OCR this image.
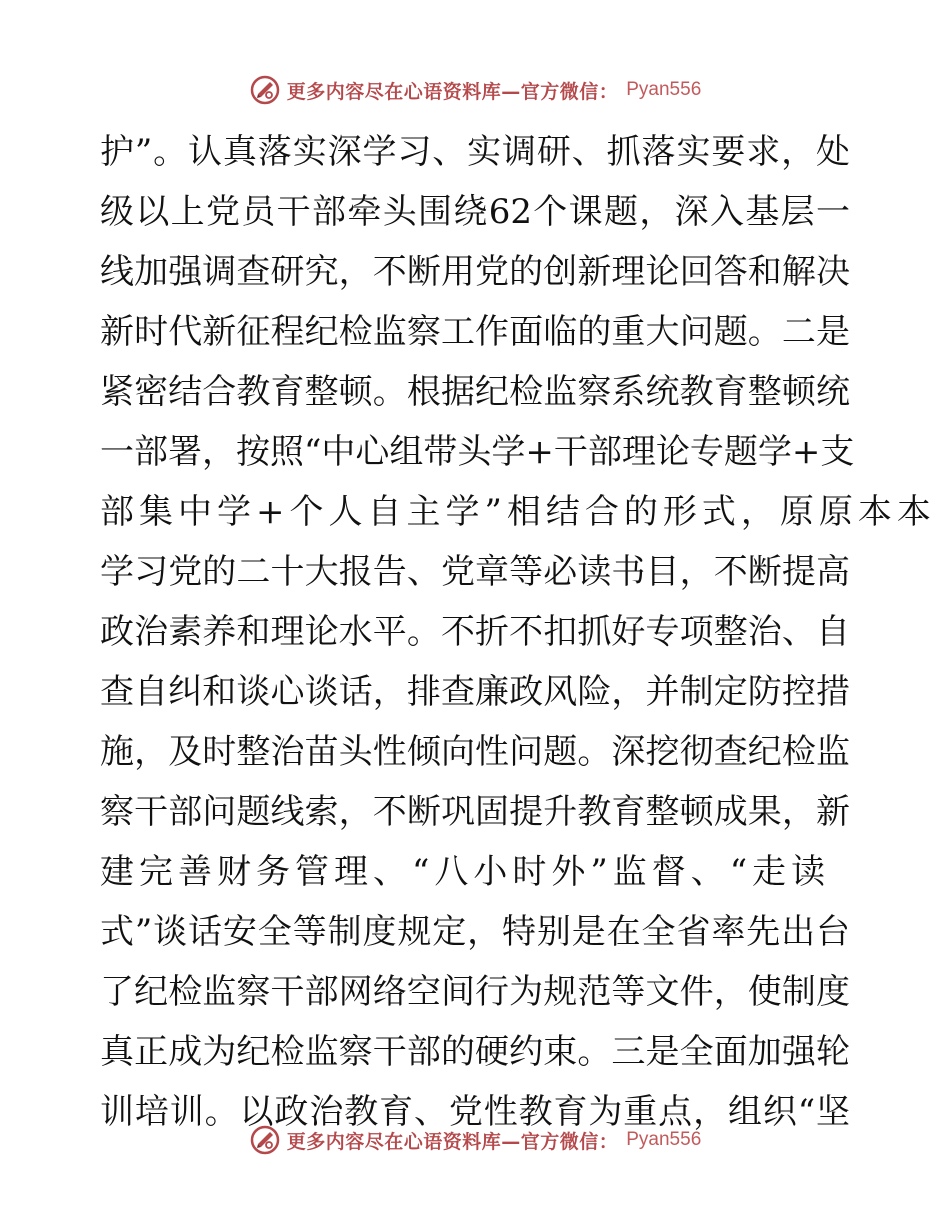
更多内容尽在心语资料库—官方微信： Pyan556
护”。认真落实深学习、实调研、抓落实要求，处
级以上党员干部牵头围绕62个课题，深入基层一
线加强调查研究，不断用党的创新理论回答和解决
新时代新征程纪检监察工作面临的重大问题。二是
紧密结合教育整顿。根据纪检监察系统教育整顿统
一部署，按照“中心组带头学+干部理论专题学+支
部集中学+个人自主学”相结合的形式，原原本本
学习党的二十大报告、党章等必读书目，不断提高
政治素养和理论水平。不折不扣抓好专项整治、自
查自纠和谈心谈话，排查廉政风险，并制定防控措
施，及时整治苗头性倾向性问题。深挖彻查纪检监
察干部问题线索，不断巩固提升教育整顿成果，新
建完善财务管理、“八小时外”监督、“走读
式”谈话安全等制度规定，特别是在全省率先出台
了纪检监察干部网络空间行为规范等文件，使制度
真正成为纪检监察干部的硬约束。三是全面加强轮
训培训。以政治教育、党性教育为重点，组织“坚
更多内容尽在心语资料库—官方微信： Pyan556
